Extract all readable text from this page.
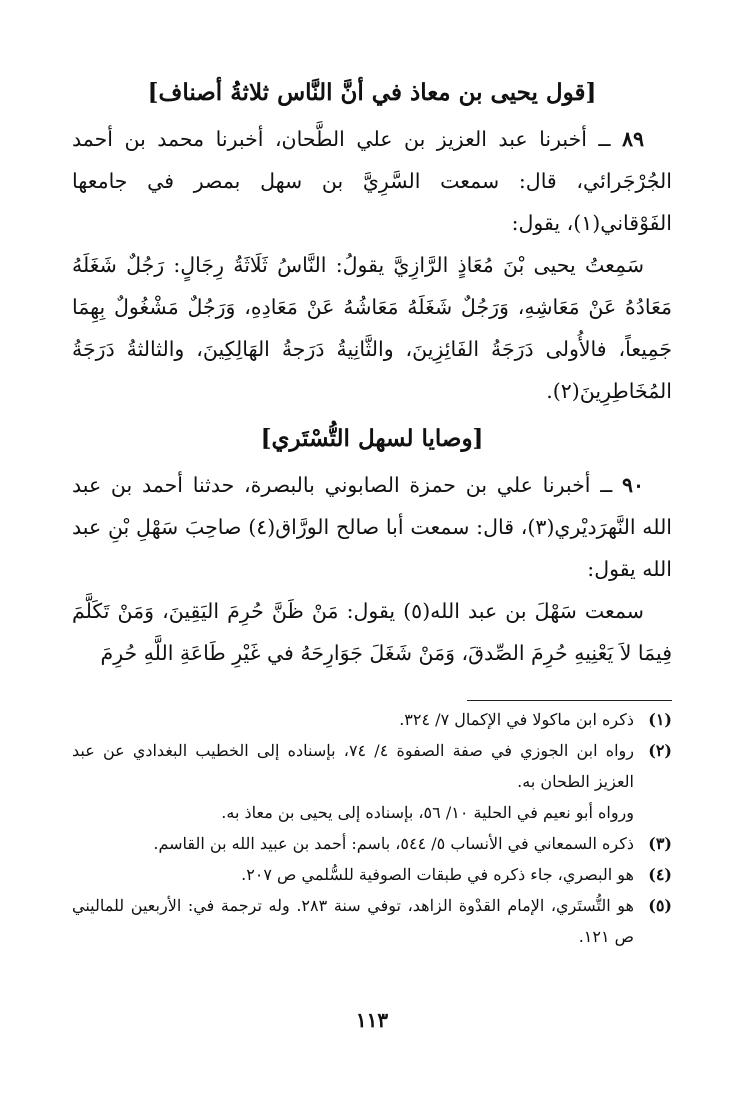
[قول يحيى بن معاذ في أنَّ النَّاس ثلاثةُ أصناف]

٨٩ ــ أخبرنا عبد العزيز بن علي الطَّحان، أخبرنا محمد بن أحمد الجُرْجَرائي، قال: سمعت السَّرِيَّ بن سهل بمصر في جامعها الفَوْقاني(١)، يقول:

سَمِعتُ يحيى بْنَ مُعَاذٍ الرَّازِيَّ يقولُ: النَّاسُ ثَلَاثَةُ رِجَالٍ: رَجُلٌ شَغَلَهُ مَعَادُهُ عَنْ مَعَاشِهِ، وَرَجُلٌ شَغَلَهُ مَعَاشُهُ عَنْ مَعَادِهِ، وَرَجُلٌ مَشْغُولٌ بِهِمَا جَمِيعاً، فالأُولى دَرَجَةُ الفَائِزِينَ، والثَّانِيةُ دَرَجةُ الهَالِكِينَ، والثالثةُ دَرَجَةُ المُخَاطِرِينَ(٢).

[وصايا لسهل التُّسْتَري]

٩٠ ــ أخبرنا علي بن حمزة الصابوني بالبصرة، حدثنا أحمد بن عبد الله النَّهرَديْري(٣)، قال: سمعت أبا صالح الورَّاق(٤) صاحِبَ سَهْلِ بْنِ عبد الله يقول:

سمعت سَهْلَ بن عبد الله(٥) يقول: مَنْ ظَنَّ حُرِمَ اليَقِينَ، وَمَنْ تَكَلَّمَ فِيمَا لاَ يَعْنِيهِ حُرِمَ الصِّدقَ، وَمَنْ شَغَلَ جَوَارِحَهُ في غَيْرِ طَاعَةِ اللَّهِ حُرِمَ

(١)
ذكره ابن ماكولا في الإكمال ٧/ ٣٢٤.

(٢)
رواه ابن الجوزي في صفة الصفوة ٤/ ٧٤، بإسناده إلى الخطيب البغدادي عن عبد العزيز الطحان به.

ورواه أبو نعيم في الحلية ١٠/ ٥٦، بإسناده إلى يحيى بن معاذ به.

(٣)
ذكره السمعاني في الأنساب ٥/ ٥٤٤، باسم: أحمد بن عبيد الله بن القاسم.

(٤)
هو البصري، جاء ذكره في طبقات الصوفية للسُّلمي ص ٢٠٧.

(٥)
هو التُّستَري، الإمام القدْوة الزاهد، توفي سنة ٢٨٣. وله ترجمة في: الأربعين للماليني ص ١٢١.

١١٣
